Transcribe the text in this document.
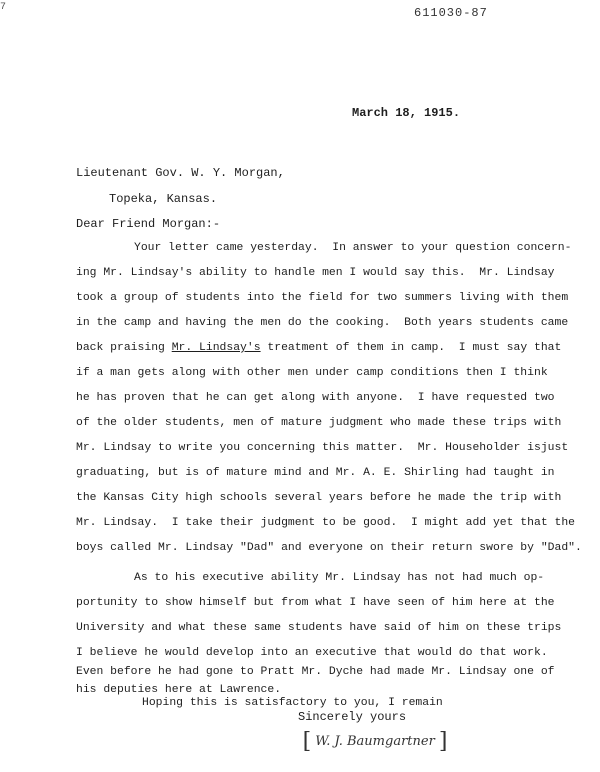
7	611030-87
March 18, 1915.
Lieutenant Gov. W. Y. Morgan,
Topeka, Kansas.
Dear Friend Morgan:-
Your letter came yesterday.  In answer to your question concern-
ing Mr. Lindsay's ability to handle men I would say this.  Mr. Lindsay
took a group of students into the field for two summers living with them
in the camp and having the men do the cooking.  Both years students came
back praising Mr. Lindsay's treatment of them in camp.  I must say that
if a man gets along with other men under camp conditions then I think
he has proven that he can get along with anyone.  I have requested two
of the older students, men of mature judgment who made these trips with
Mr. Lindsay to write you concerning this matter.  Mr. Householder isjust
graduating, but is of mature mind and Mr. A. E. Shirling had taught in
the Kansas City high schools several years before he made the trip with
Mr. Lindsay.  I take their judgment to be good.  I might add yet that the
boys called Mr. Lindsay "Dad" and everyone on their return swore by "Dad".
As to his executive ability Mr. Lindsay has not had much op-
portunity to show himself but from what I have seen of him here at the
University and what these same students have said of him on these trips
I believe he would develop into an executive that would do that work.
Even before he had gone to Pratt Mr. Dyche had made Mr. Lindsay one of
his deputies here at Lawrence.
Hoping this is satisfactory to you, I remain
Sincerely yours
[ W. J. Baumgartner ]
